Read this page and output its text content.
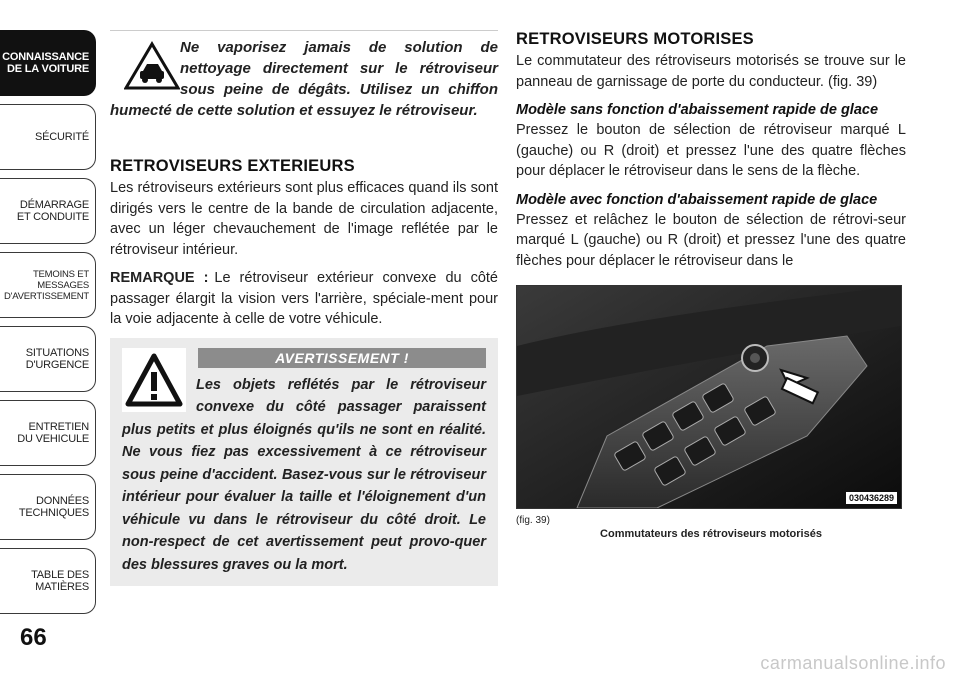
CONNAISSANCE
DE LA VOITURE
SÉCURITÉ
DÉMARRAGE
ET CONDUITE
TEMOINS ET
MESSAGES
D'AVERTISSEMENT
SITUATIONS
D'URGENCE
ENTRETIEN
DU VEHICULE
DONNÉES
TECHNIQUES
TABLE DES
MATIÈRES
66
Ne vaporisez jamais de solution de nettoyage directement sur le rétroviseur sous peine de dégâts. Utilisez un chiffon humecté de cette solution et essuyez le rétroviseur.
RETROVISEURS EXTERIEURS

Les rétroviseurs extérieurs sont plus efficaces quand ils sont dirigés vers le centre de la bande de circulation adjacente, avec un léger chevauchement de l'image reflétée par le rétroviseur intérieur.

REMARQUE : Le rétroviseur extérieur convexe du côté passager élargit la vision vers l'arrière, spéciale-ment pour la voie adjacente à celle de votre véhicule.

AVERTISSEMENT !
Les objets reflétés par le rétroviseur convexe du côté passager paraissent plus petits et plus éloignés qu'ils ne sont en réalité. Ne vous fiez pas excessivement à ce rétroviseur sous peine d'accident. Basez-vous sur le rétroviseur intérieur pour évaluer la taille et l'éloignement d'un véhicule vu dans le rétroviseur du côté droit. Le non-respect de cet avertissement peut provo-quer des blessures graves ou la mort.
RETROVISEURS MOTORISES

Le commutateur des rétroviseurs motorisés se trouve sur le panneau de garnissage de porte du conducteur. (fig. 39)

Modèle sans fonction d'abaissement rapide de glace

Pressez le bouton de sélection de rétroviseur marqué L (gauche) ou R (droit) et pressez l'une des quatre flèches pour déplacer le rétroviseur dans le sens de la flèche.

Modèle avec fonction d'abaissement rapide de glace

Pressez et relâchez le bouton de sélection de rétrovi-seur marqué L (gauche) ou R (droit) et pressez l'une des quatre flèches pour déplacer le rétroviseur dans le

030436289
(fig. 39)
Commutateurs des rétroviseurs motorisés
carmanualsonline.info
